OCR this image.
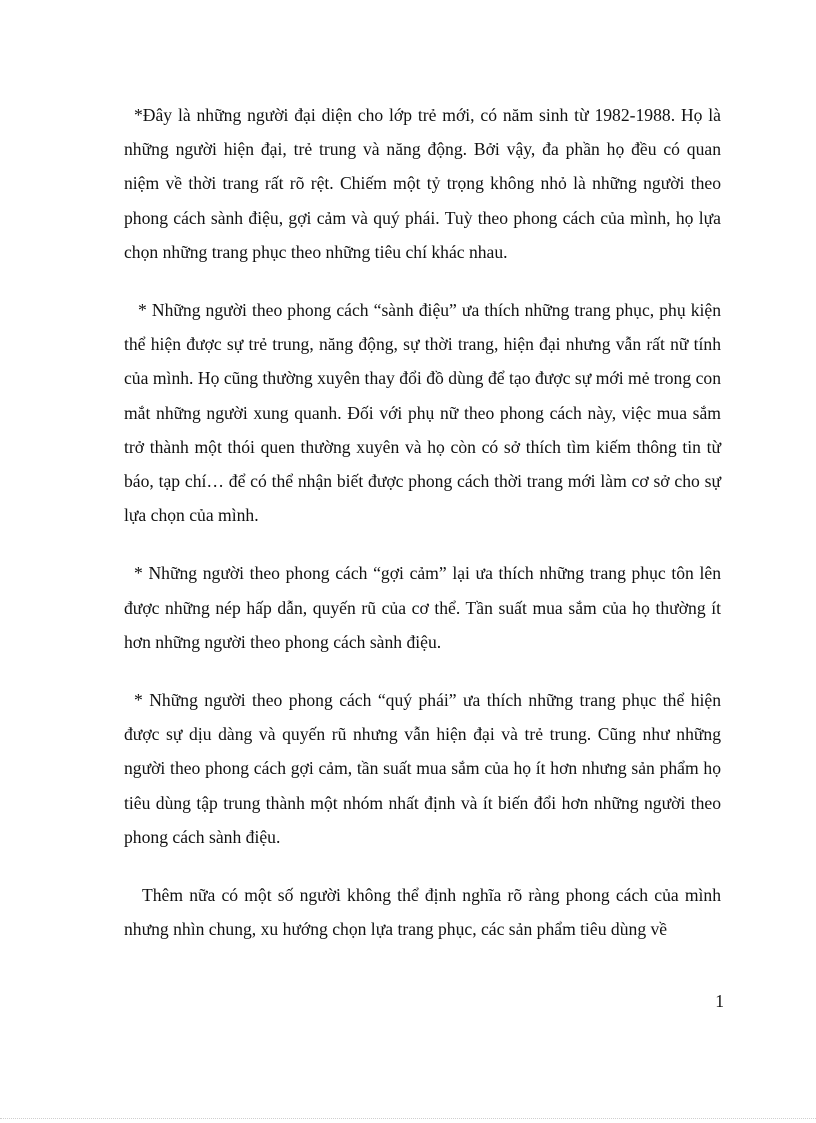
*Đây là những người đại diện cho lớp trẻ mới, có năm sinh từ 1982-1988. Họ là những người hiện đại, trẻ trung và năng động. Bởi vậy, đa phần họ đều có quan niệm về thời trang rất rõ rệt. Chiếm một tỷ trọng không nhỏ là những người theo phong cách sành điệu, gợi cảm và quý phái. Tuỳ theo phong cách của mình, họ lựa chọn những trang phục theo những tiêu chí khác nhau.

* Những người theo phong cách “sành điệu” ưa thích những trang phục, phụ kiện thể hiện được sự trẻ trung, năng động, sự thời trang, hiện đại nhưng vẫn rất nữ tính của mình. Họ cũng thường xuyên thay đổi đồ dùng để tạo được sự mới mẻ trong con mắt những người xung quanh. Đối với phụ nữ theo phong cách này, việc mua sắm trở thành một thói quen thường xuyên và họ còn có sở thích tìm kiếm thông tin từ báo, tạp chí… để có thể nhận biết được phong cách thời trang mới làm cơ sở cho sự lựa chọn của mình.

* Những người theo phong cách “gợi cảm” lại ưa thích những trang phục tôn lên được những nép hấp dẫn, quyến rũ của cơ thể. Tần suất mua sắm của họ thường ít hơn những người theo phong cách sành điệu.

* Những người theo phong cách “quý phái” ưa thích những trang phục thể hiện được sự dịu dàng và quyến rũ nhưng vẫn hiện đại và trẻ trung. Cũng như những người theo phong cách gợi cảm, tần suất mua sắm của họ ít hơn nhưng sản phẩm họ tiêu dùng tập trung thành một nhóm nhất định và ít biến đổi hơn những người theo phong cách sành điệu.

Thêm nữa có một số người không thể định nghĩa rõ ràng phong cách của mình nhưng nhìn chung, xu hướng chọn lựa trang phục, các sản phẩm tiêu dùng về

1
